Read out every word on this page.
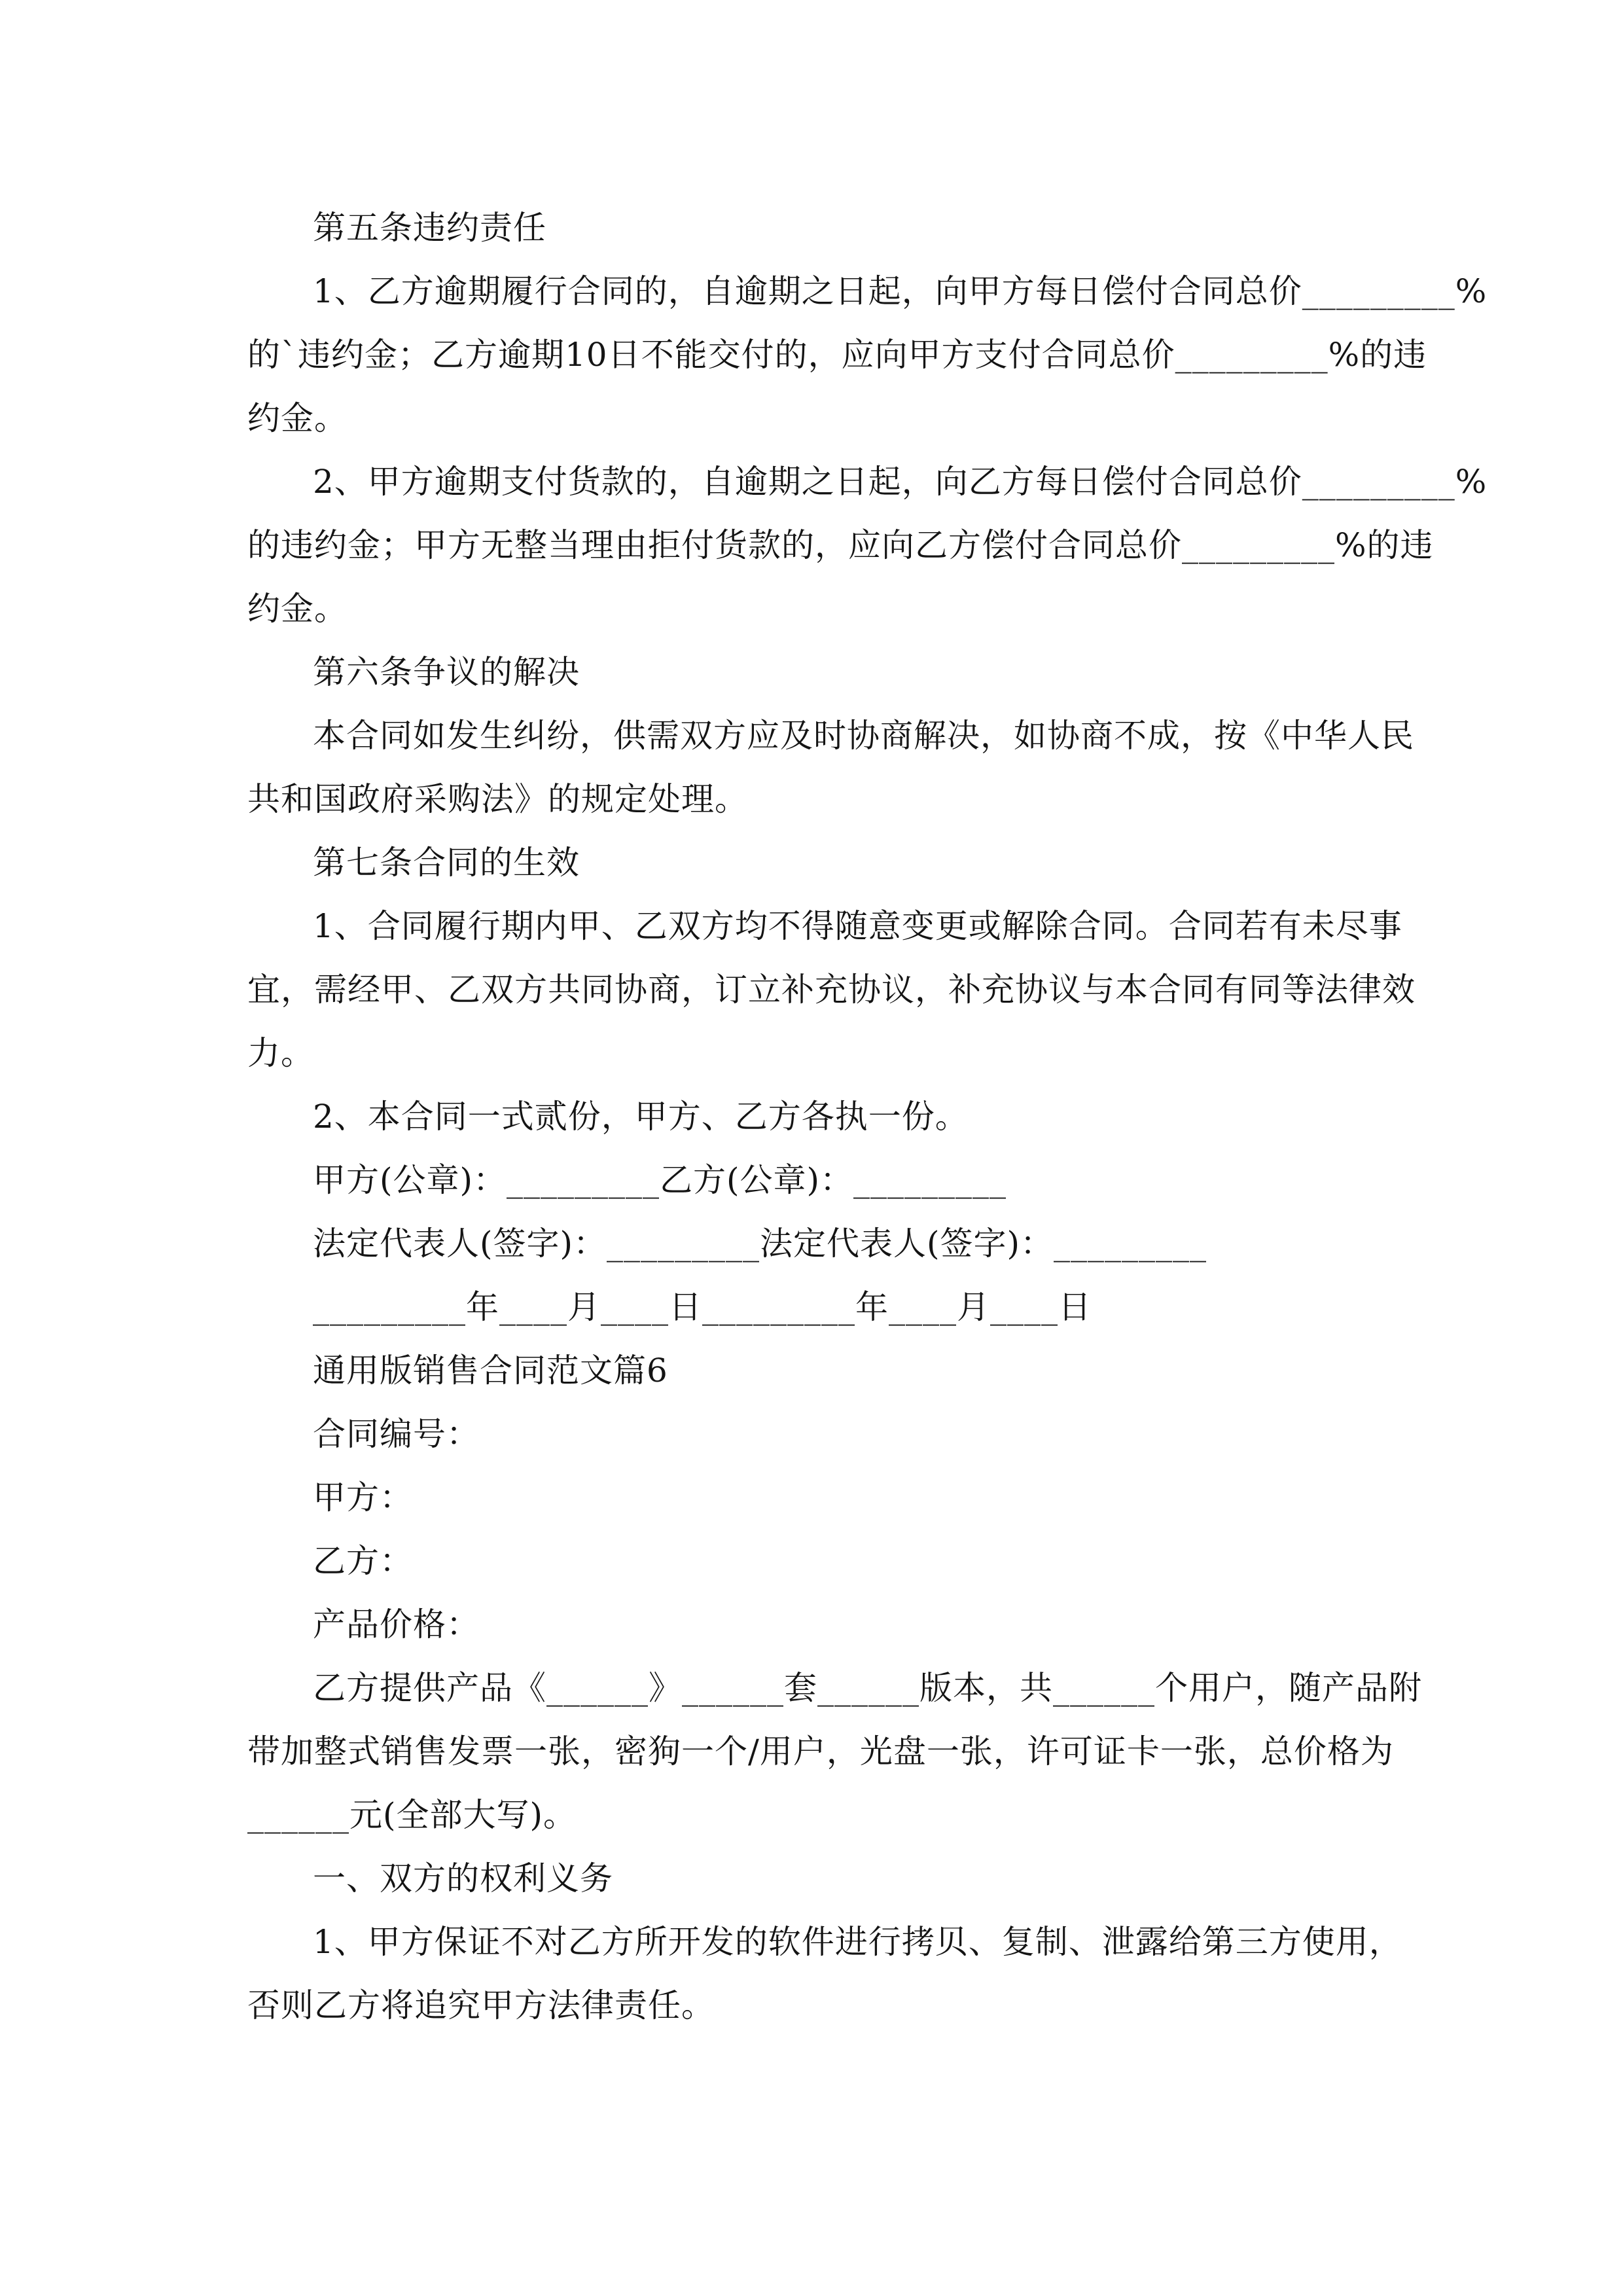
第五条违约责任
1、乙方逾期履行合同的，自逾期之日起，向甲方每日偿付合同总价_________%
的`违约金；乙方逾期10日不能交付的，应向甲方支付合同总价_________%的违
约金。
2、甲方逾期支付货款的，自逾期之日起，向乙方每日偿付合同总价_________%
的违约金；甲方无整当理由拒付货款的，应向乙方偿付合同总价_________%的违
约金。
第六条争议的解决
本合同如发生纠纷，供需双方应及时协商解决，如协商不成，按《中华人民
共和国政府采购法》的规定处理。
第七条合同的生效
1、合同履行期内甲、乙双方均不得随意变更或解除合同。合同若有未尽事
宜，需经甲、乙双方共同协商，订立补充协议，补充协议与本合同有同等法律效
力。
2、本合同一式贰份，甲方、乙方各执一份。
甲方(公章)：_________乙方(公章)：_________
法定代表人(签字)：_________法定代表人(签字)：_________
_________年____月____日_________年____月____日
通用版销售合同范文篇6
合同编号：
甲方：
乙方：
产品价格：
乙方提供产品《______》______套______版本，共______个用户，随产品附
带加整式销售发票一张，密狗一个/用户，光盘一张，许可证卡一张，总价格为
______元(全部大写)。
一、双方的权利义务
1、甲方保证不对乙方所开发的软件进行拷贝、复制、泄露给第三方使用，
否则乙方将追究甲方法律责任。
